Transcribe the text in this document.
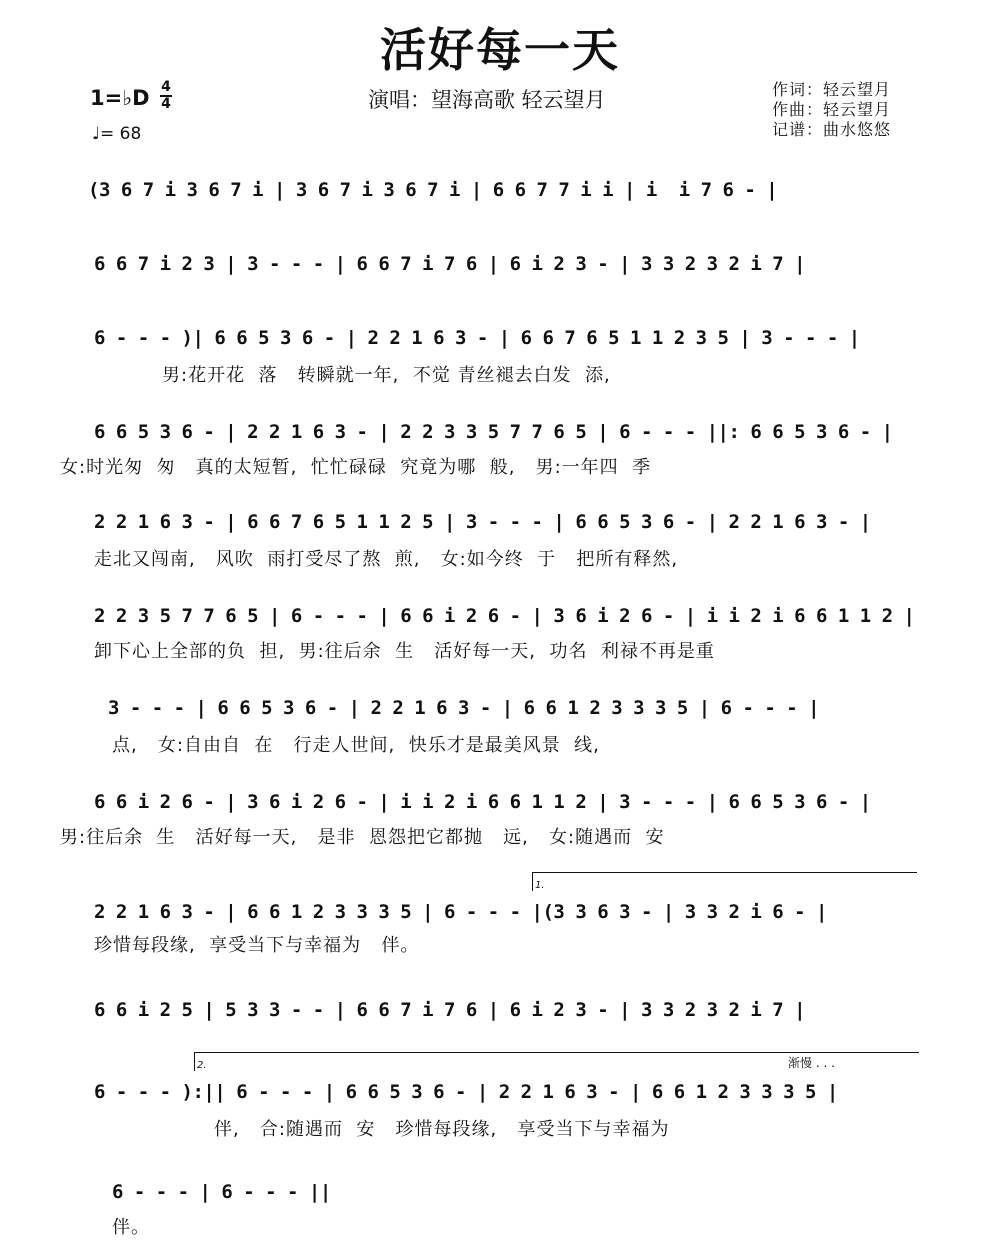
活好每一天
1=♭D 4
4
♩= 68
演唱：望海高歌 轻云望月	作词：轻云望月
作曲：轻云望月
记谱：曲水悠悠
渐慢 . . .
1.
2.
(3 6 7 i 3 6 7 i | 3 6 7 i 3 6 7 i | 6 6 7 7 i i | i  i 7 6 - |
6 6 7 i 2 3 | 3 - - - | 6 6 7 i 7 6 | 6 i 2 3 - | 3 3 2 3 2 i 7 |
6 - - - )| 6 6 5 3 6 - | 2 2 1 6 3 - | 6 6 7 6 5 1 1 2 3 5 | 3 - - - |
男:花开花  落   转瞬就一年,  不觉 青丝褪去白发  添,
6 6 5 3 6 - | 2 2 1 6 3 - | 2 2 3 3 5 7 7 6 5 | 6 - - - ||: 6 6 5 3 6 - |
女:时光匆  匆   真的太短暂,  忙忙碌碌  究竟为哪  般,   男:一年四  季
2 2 1 6 3 - | 6 6 7 6 5 1 1 2 5 | 3 - - - | 6 6 5 3 6 - | 2 2 1 6 3 - |
走北又闯南,   风吹  雨打受尽了熬  煎,   女:如今终  于   把所有释然,
2 2 3 5 7 7 6 5 | 6 - - - | 6 6 i 2 6 - | 3 6 i 2 6 - | i i 2 i 6 6 1 1 2 |
卸下心上全部的负  担,  男:往后余  生   活好每一天,  功名  利禄不再是重
3 - - - | 6 6 5 3 6 - | 2 2 1 6 3 - | 6 6 1 2 3 3 3 5 | 6 - - - |
点,   女:自由自  在   行走人世间,  快乐才是最美风景  线,
6 6 i 2 6 - | 3 6 i 2 6 - | i i 2 i 6 6 1 1 2 | 3 - - - | 6 6 5 3 6 - |
男:往后余  生   活好每一天,   是非  恩怨把它都抛   远,   女:随遇而  安
2 2 1 6 3 - | 6 6 1 2 3 3 3 5 | 6 - - - |(3 3 6 3 - | 3 3 2 i 6 - |
珍惜每段缘,  享受当下与幸福为   伴。
6 6 i 2 5 | 5 3 3 - - | 6 6 7 i 7 6 | 6 i 2 3 - | 3 3 2 3 2 i 7 |
6 - - - ):|| 6 - - - | 6 6 5 3 6 - | 2 2 1 6 3 - | 6 6 1 2 3 3 3 5 |
伴,   合:随遇而  安   珍惜每段缘,   享受当下与幸福为
6 - - - | 6 - - - ||
伴。
